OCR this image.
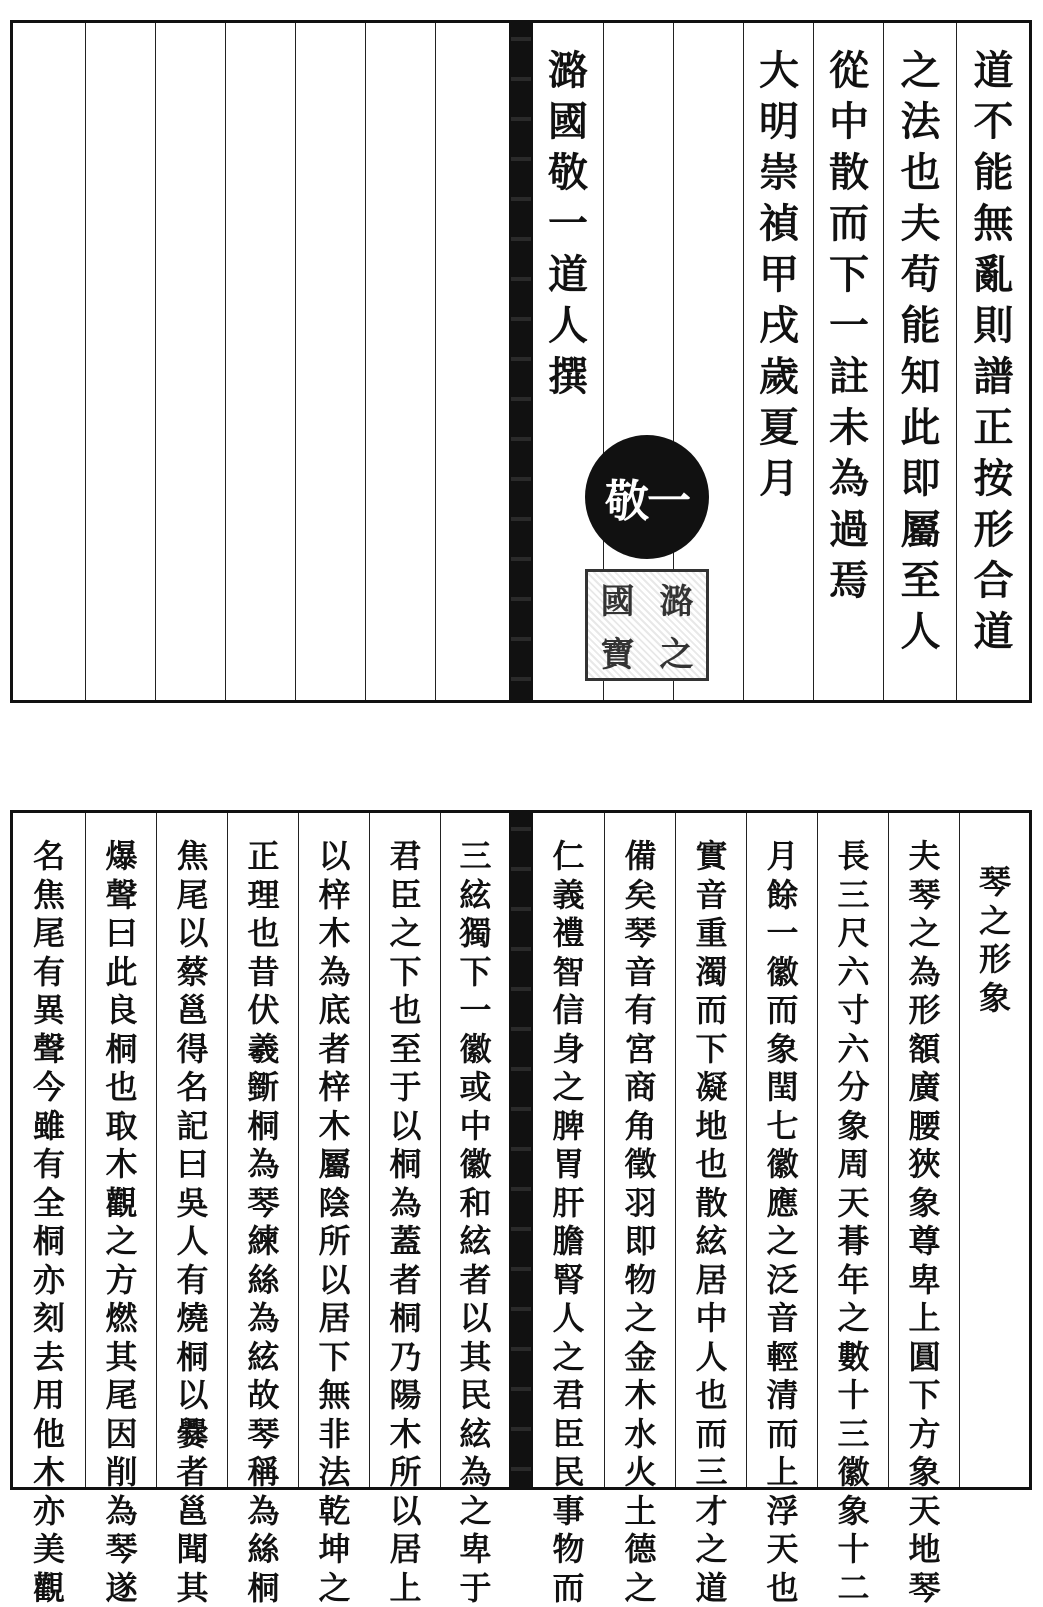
潞
國
敬
一
道
人
撰
大
明
崇
禎
甲
戌
歲
夏
月
從
中
散
而
下
一
註
未
為
過
焉
之
法
也
夫
苟
能
知
此
即
屬
至
人
道
不
能
無
亂
則
譜
正
按
形
合
道
敬一
國 潞
寶 之
名
焦
尾
有
異
聲
今
雖
有
全
桐
亦
刻
去
用
他
木
亦
美
觀
爆
聲
曰
此
良
桐
也
取
木
觀
之
方
燃
其
尾
因
削
為
琴
遂
焦
尾
以
蔡
邕
得
名
記
曰
吳
人
有
燒
桐
以
爨
者
邕
聞
其
正
理
也
昔
伏
羲
斵
桐
為
琴
練
絲
為
絃
故
琴
稱
為
絲
桐
以
梓
木
為
底
者
梓
木
屬
陰
所
以
居
下
無
非
法
乾
坤
之
君
臣
之
下
也
至
于
以
桐
為
蓋
者
桐
乃
陽
木
所
以
居
上
三
絃
獨
下
一
徽
或
中
徽
和
絃
者
以
其
民
絃
為
之
卑
于
仁
義
禮
智
信
身
之
脾
胃
肝
膽
腎
人
之
君
臣
民
事
物
而
備
矣
琴
音
有
宮
商
角
徵
羽
即
物
之
金
木
水
火
土
德
之
實
音
重
濁
而
下
凝
地
也
散
絃
居
中
人
也
而
三
才
之
道
月
餘
一
徽
而
象
閏
七
徽
應
之
泛
音
輕
清
而
上
浮
天
也
長
三
尺
六
寸
六
分
象
周
天
朞
年
之
數
十
三
徽
象
十
二
夫
琴
之
為
形
額
廣
腰
狹
象
尊
卑
上
圓
下
方
象
天
地
琴
琴
之
形
象
